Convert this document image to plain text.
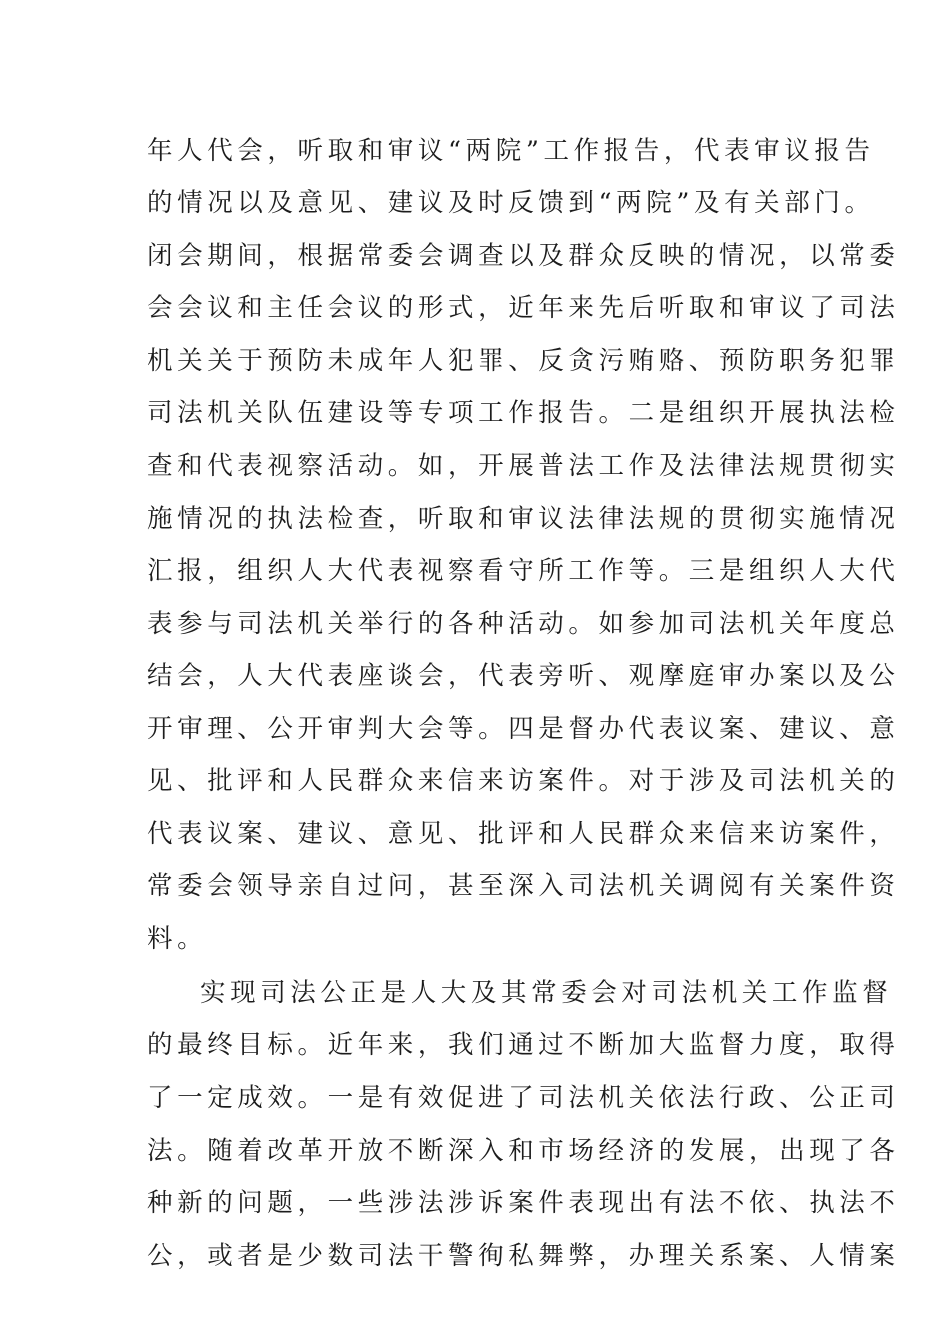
年人代会，听取和审议“两院”工作报告，代表审议报告
的情况以及意见、建议及时反馈到“两院”及有关部门。
闭会期间，根据常委会调查以及群众反映的情况，以常委
会会议和主任会议的形式，近年来先后听取和审议了司法
机关关于预防未成年人犯罪、反贪污贿赂、预防职务犯罪
司法机关队伍建设等专项工作报告。二是组织开展执法检
查和代表视察活动。如，开展普法工作及法律法规贯彻实
施情况的执法检查，听取和审议法律法规的贯彻实施情况
汇报，组织人大代表视察看守所工作等。三是组织人大代
表参与司法机关举行的各种活动。如参加司法机关年度总
结会，人大代表座谈会，代表旁听、观摩庭审办案以及公
开审理、公开审判大会等。四是督办代表议案、建议、意
见、批评和人民群众来信来访案件。对于涉及司法机关的
代表议案、建议、意见、批评和人民群众来信来访案件，
常委会领导亲自过问，甚至深入司法机关调阅有关案件资
料。
实现司法公正是人大及其常委会对司法机关工作监督
的最终目标。近年来，我们通过不断加大监督力度，取得
了一定成效。一是有效促进了司法机关依法行政、公正司
法。随着改革开放不断深入和市场经济的发展，出现了各
种新的问题，一些涉法涉诉案件表现出有法不依、执法不
公，或者是少数司法干警徇私舞弊，办理关系案、人情案
